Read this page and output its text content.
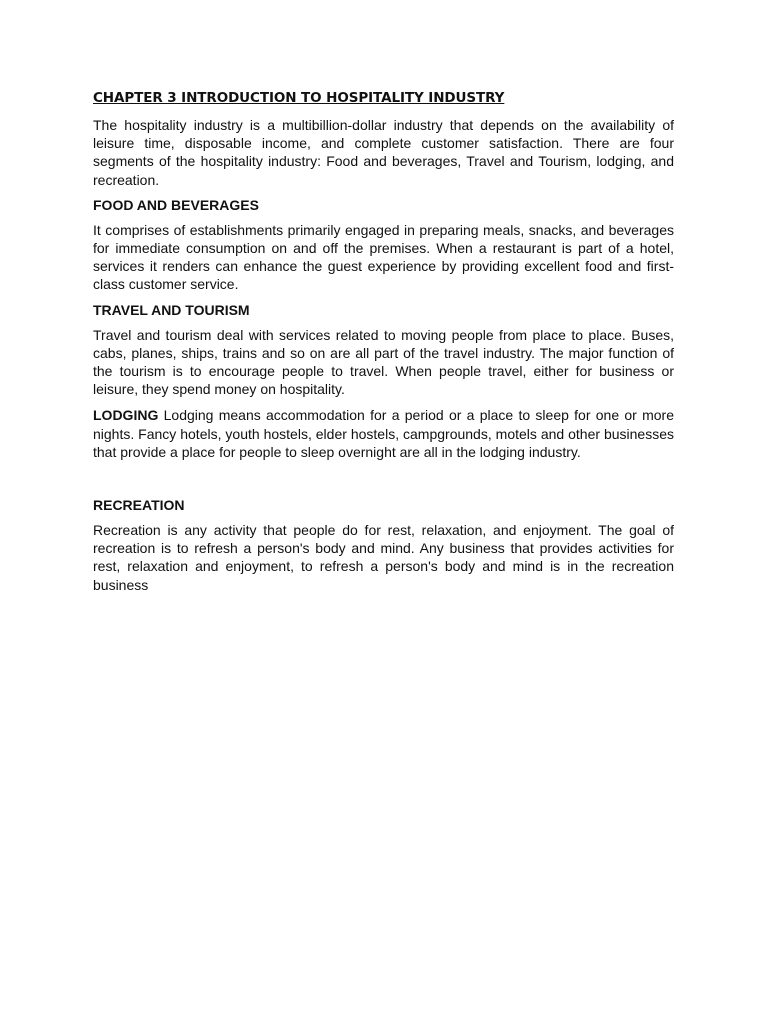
CHAPTER 3 INTRODUCTION TO HOSPITALITY INDUSTRY

The hospitality industry is a multibillion-dollar industry that depends on the availability of leisure time, disposable income, and complete customer satisfaction. There are four segments of the hospitality industry: Food and beverages, Travel and Tourism, lodging, and recreation.

FOOD AND BEVERAGES

It comprises of establishments primarily engaged in preparing meals, snacks, and beverages for immediate consumption on and off the premises. When a restaurant is part of a hotel, services it renders can enhance the guest experience by providing excellent food and first-class customer service.

TRAVEL AND TOURISM

Travel and tourism deal with services related to moving people from place to place. Buses, cabs, planes, ships, trains and so on are all part of the travel industry. The major function of the tourism is to encourage people to travel. When people travel, either for business or leisure, they spend money on hospitality.

LODGING Lodging means accommodation for a period or a place to sleep for one or more nights. Fancy hotels, youth hostels, elder hostels, campgrounds, motels and other businesses that provide a place for people to sleep overnight are all in the lodging industry.

RECREATION

Recreation is any activity that people do for rest, relaxation, and enjoyment. The goal of recreation is to refresh a person's body and mind. Any business that provides activities for rest, relaxation and enjoyment, to refresh a person's body and mind is in the recreation business
